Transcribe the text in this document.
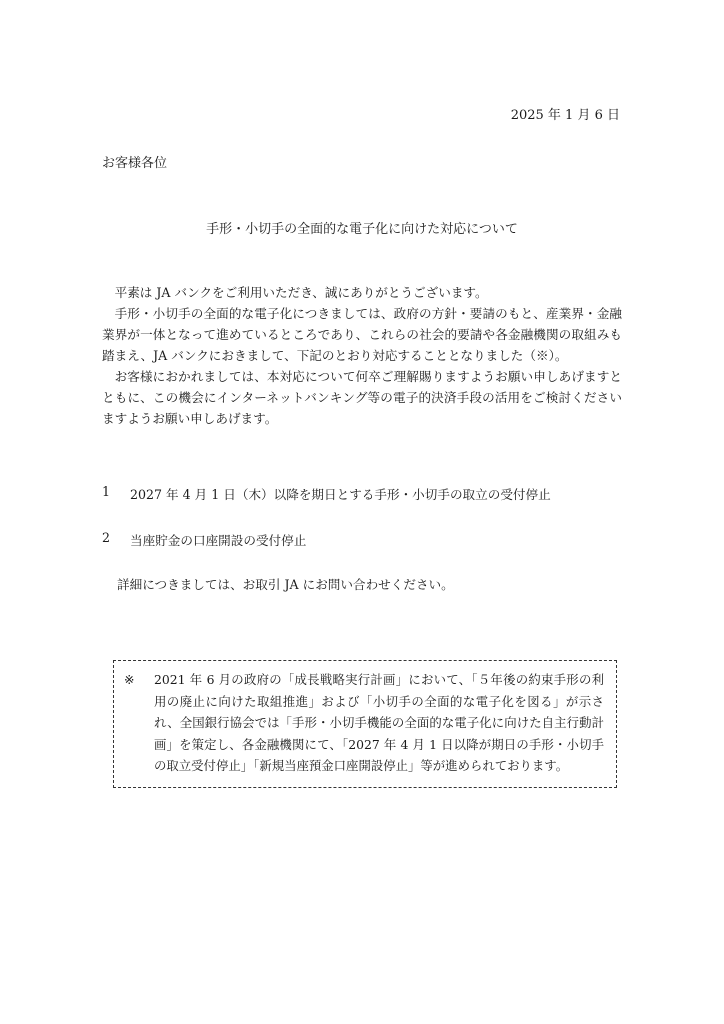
2025 年 1 月 6 日
お客様各位
手形・小切手の全面的な電子化に向けた対応について

平素は JA バンクをご利用いただき、誠にありがとうございます。

手形・小切手の全面的な電子化につきましては、政府の方針・要請のもと、産業界・金融業界が一体となって進めているところであり、これらの社会的要請や各金融機関の取組みも踏まえ、JA バンクにおきまして、下記のとおり対応することとなりました（※）。

お客様におかれましては、本対応について何卒ご理解賜りますようお願い申しあげますとともに、この機会にインターネットバンキング等の電子的決済手段の活用をご検討くださいますようお願い申しあげます。

1	2027 年 4 月 1 日（木）以降を期日とする手形・小切手の取立の受付停止
2	当座貯金の口座開設の受付停止
詳細につきましては、お取引 JA にお問い合わせください。
※	2021 年 6 月の政府の「成長戦略実行計画」において、「５年後の約束手形の利用の廃止に向けた取組推進」および「小切手の全面的な電子化を図る」が示され、全国銀行協会では「手形・小切手機能の全面的な電子化に向けた自主行動計画」を策定し、各金融機関にて、「2027 年 4 月 1 日以降が期日の手形・小切手の取立受付停止」「新規当座預金口座開設停止」等が進められております。
